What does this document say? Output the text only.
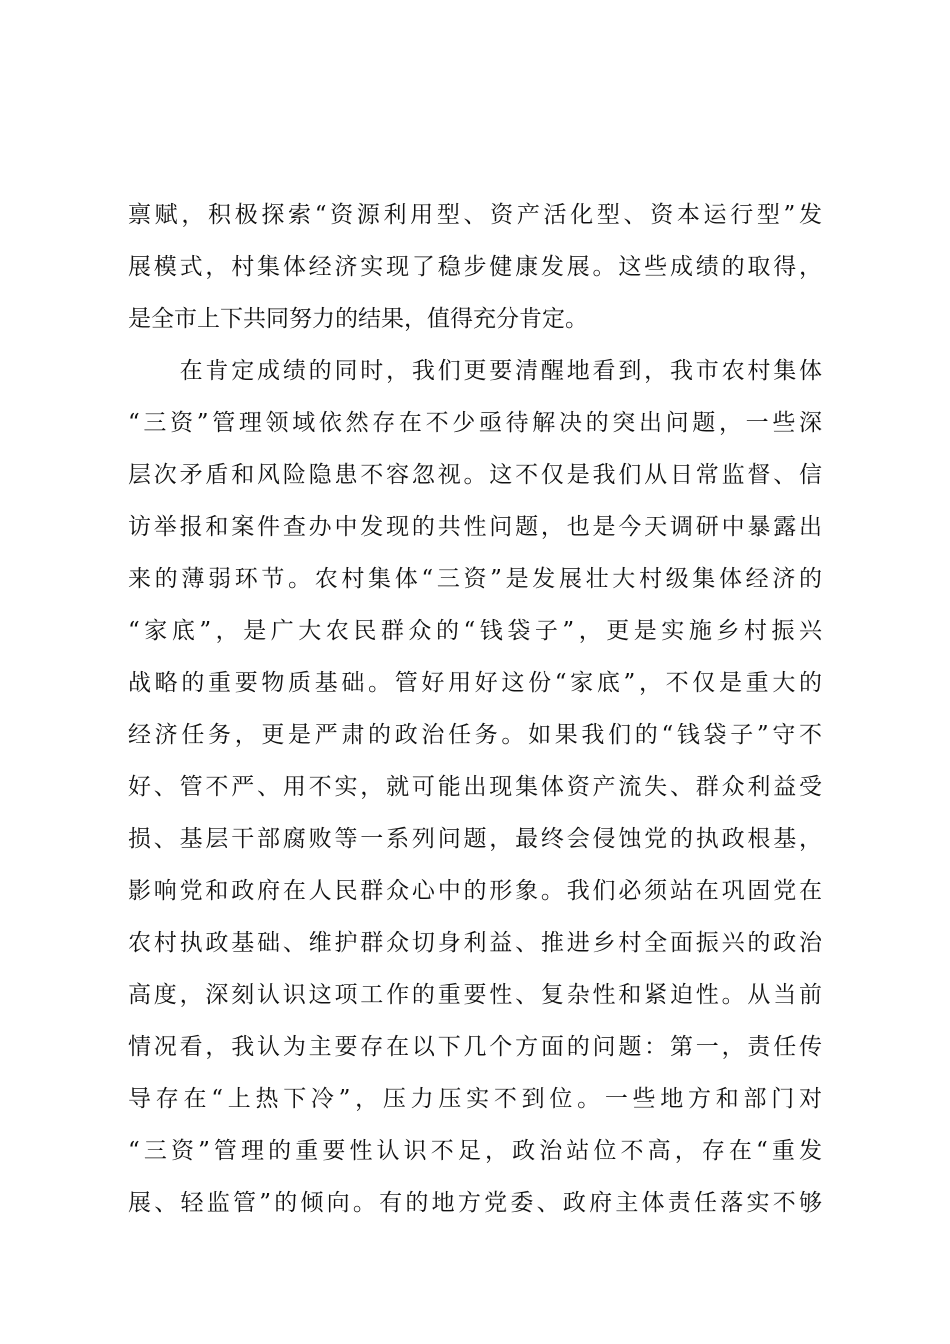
禀赋，积极探索“资源利用型、资产活化型、资本运行型”发
展模式，村集体经济实现了稳步健康发展。这些成绩的取得，
是全市上下共同努力的结果，值得充分肯定。
　　在肯定成绩的同时，我们更要清醒地看到，我市农村集体
“三资”管理领域依然存在不少亟待解决的突出问题，一些深
层次矛盾和风险隐患不容忽视。这不仅是我们从日常监督、信
访举报和案件查办中发现的共性问题，也是今天调研中暴露出
来的薄弱环节。农村集体“三资”是发展壮大村级集体经济的
“家底”，是广大农民群众的“钱袋子”，更是实施乡村振兴
战略的重要物质基础。管好用好这份“家底”，不仅是重大的
经济任务，更是严肃的政治任务。如果我们的“钱袋子”守不
好、管不严、用不实，就可能出现集体资产流失、群众利益受
损、基层干部腐败等一系列问题，最终会侵蚀党的执政根基，
影响党和政府在人民群众心中的形象。我们必须站在巩固党在
农村执政基础、维护群众切身利益、推进乡村全面振兴的政治
高度，深刻认识这项工作的重要性、复杂性和紧迫性。从当前
情况看，我认为主要存在以下几个方面的问题：第一，责任传
导存在“上热下冷”，压力压实不到位。一些地方和部门对
“三资”管理的重要性认识不足，政治站位不高，存在“重发
展、轻监管”的倾向。有的地方党委、政府主体责任落实不够
